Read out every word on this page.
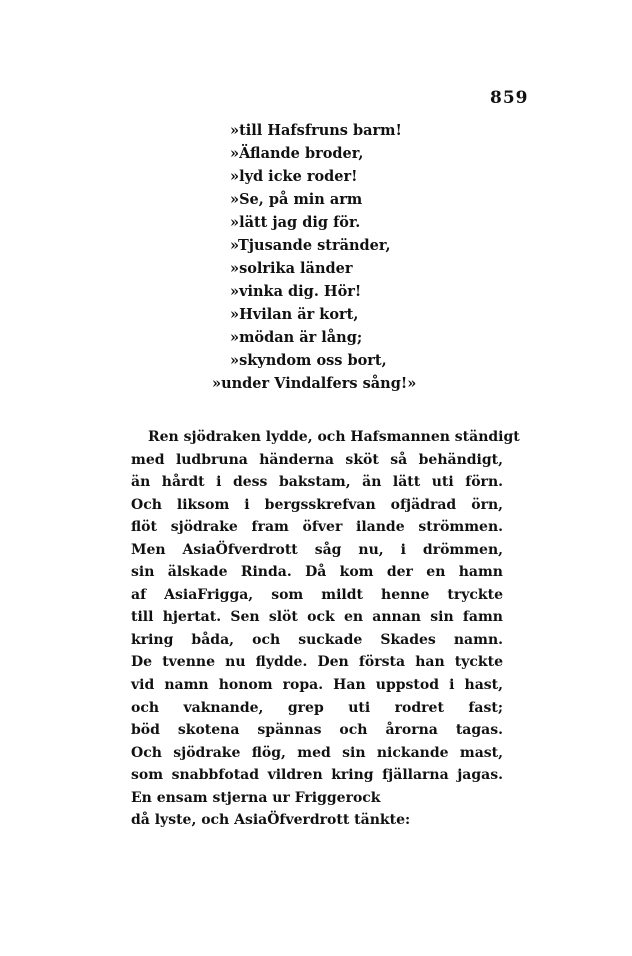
859
»till Hafsfruns barm!
»Äflande broder,
»lyd icke roder!
»Se, på min arm
»lätt jag dig för.
»Tjusande stränder,
»solrika länder
»vinka dig. Hör!
»Hvilan är kort,
»mödan är lång;
»skyndom oss bort,
»under Vindalfers sång!»
Ren sjödraken lydde, och Hafsmannen ständigt
med ludbruna händerna sköt så behändigt,
än hårdt i dess bakstam, än lätt uti förn.
Och liksom i bergsskrefvan ofjädrad örn,
flöt sjödrake fram öfver ilande strömmen.
Men AsiaÖfverdrott såg nu, i drömmen,
sin älskade Rinda. Då kom der en hamn
af AsiaFrigga, som mildt henne tryckte
till hjertat. Sen slöt ock en annan sin famn
kring båda, och suckade Skades namn.
De tvenne nu flydde. Den första han tyckte
vid namn honom ropa. Han uppstod i hast,
och vaknande, grep uti rodret fast;
böd skotena spännas och årorna tagas.
Och sjödrake flög, med sin nickande mast,
som snabbfotad vildren kring fjällarna jagas.
En ensam stjerna ur Friggerock
då lyste, och AsiaÖfverdrott tänkte:
